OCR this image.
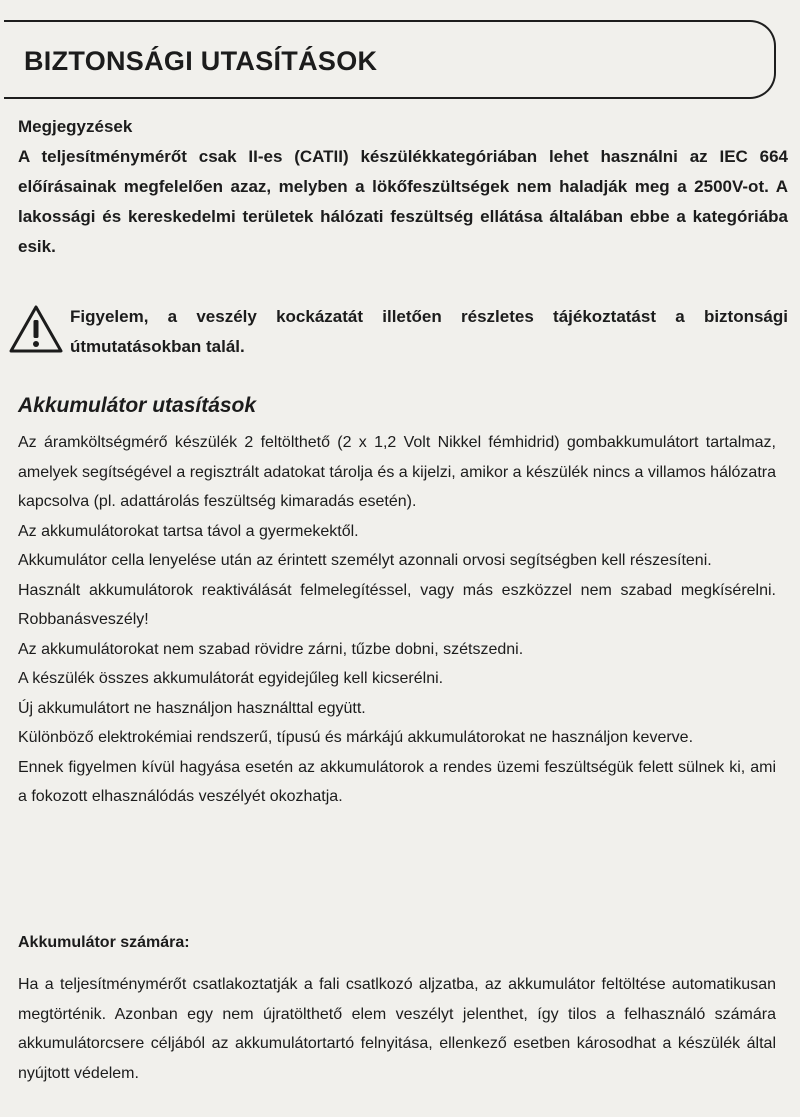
BIZTONSÁGI UTASÍTÁSOK

Megjegyzések

A teljesítménymérőt csak II-es (CATII) készülékkategóriában lehet használni az IEC 664 előírásainak megfelelően azaz, melyben a lökőfeszültségek nem haladják meg a 2500V-ot. A lakossági és kereskedelmi területek hálózati feszültség ellátása általában ebbe a kategóriába esik.

Figyelem, a veszély kockázatát illetően részletes tájékoztatást a biztonsági útmutatásokban talál.

Akkumulátor utasítások

Az áramköltségmérő készülék 2 feltölthető (2 x 1,2 Volt Nikkel fémhidrid) gombakkumulátort tartalmaz, amelyek segítségével a regisztrált adatokat tárolja és a kijelzi, amikor a készülék nincs a villamos hálózatra kapcsolva (pl. adattárolás feszültség kimaradás esetén).

Az akkumulátorokat tartsa távol a gyermekektől.

Akkumulátor cella lenyelése után az érintett személyt azonnali orvosi segítségben kell részesíteni.

Használt akkumulátorok reaktiválását felmelegítéssel, vagy más eszközzel nem szabad megkísérelni. Robbanásveszély!

Az akkumulátorokat nem szabad rövidre zárni, tűzbe dobni, szétszedni.

A készülék összes akkumulátorát egyidejűleg kell kicserélni.

Új akkumulátort ne használjon használttal együtt.

Különböző elektrokémiai rendszerű, típusú és márkájú akkumulátorokat ne használjon keverve.

Ennek figyelmen kívül hagyása esetén az akkumulátorok a rendes üzemi feszültségük felett sülnek ki, ami a fokozott elhasználódás veszélyét okozhatja.

Akkumulátor számára:

Ha a teljesítménymérőt csatlakoztatják a fali csatlkozó aljzatba, az akkumulátor feltöltése automatikusan megtörténik. Azonban egy nem újratölthető elem veszélyt jelenthet, így tilos a felhasználó számára akkumulátorcsere céljából az akkumulátortartó felnyitása, ellenkező esetben károsodhat a készülék által nyújtott védelem.
